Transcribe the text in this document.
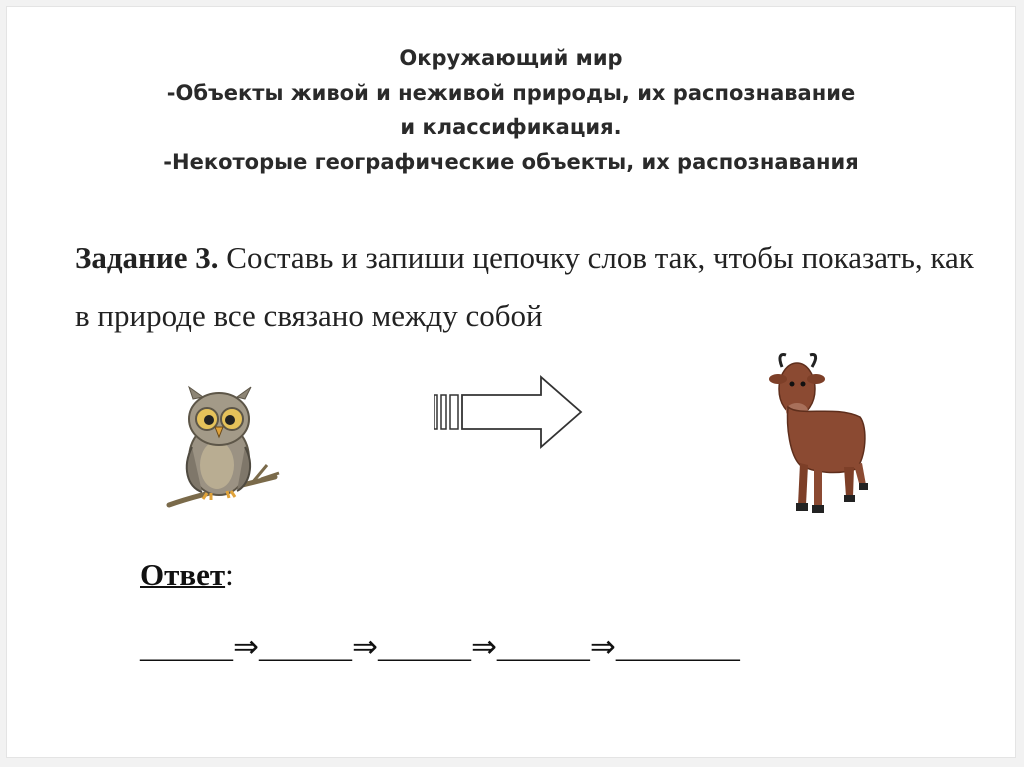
Окружающий мир
-Объекты живой и неживой природы, их распознавание
и классификация.
-Некоторые географические объекты, их распознавания
Задание 3. Составь и запиши цепочку слов так, чтобы показать, как в природе все связано между собой
Ответ:
______⇒______⇒______⇒______⇒________
